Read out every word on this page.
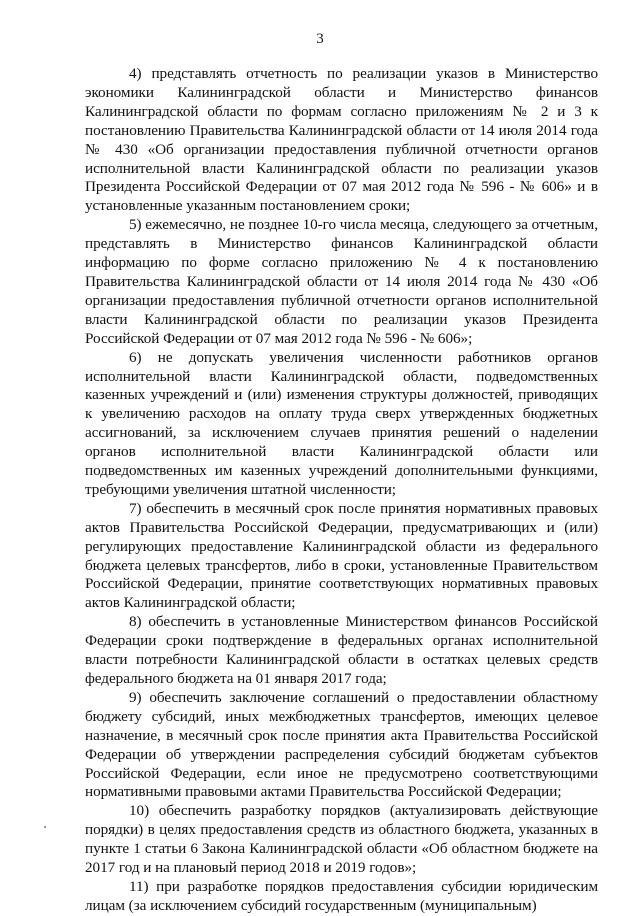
3

4) представлять отчетность по реализации указов в Министерство экономики Калининградской области и Министерство финансов Калининградской области по формам согласно приложениям № 2 и 3 к постановлению Правительства Калининградской области от 14 июля 2014 года № 430 «Об организации предоставления публичной отчетности органов исполнительной власти Калининградской области по реализации указов Президента Российской Федерации от 07 мая 2012 года № 596 - № 606» и в установленные указанным постановлением сроки;

5) ежемесячно, не позднее 10-го числа месяца, следующего за отчетным, представлять в Министерство финансов Калининградской области информацию по форме согласно приложению № 4 к постановлению Правительства Калининградской области от 14 июля 2014 года № 430 «Об организации предоставления публичной отчетности органов исполнительной власти Калининградской области по реализации указов Президента Российской Федерации от 07 мая 2012 года № 596 - № 606»;

6) не допускать увеличения численности работников органов исполнительной власти Калининградской области, подведомственных казенных учреждений и (или) изменения структуры должностей, приводящих к увеличению расходов на оплату труда сверх утвержденных бюджетных ассигнований, за исключением случаев принятия решений о наделении органов исполнительной власти Калининградской области или подведомственных им казенных учреждений дополнительными функциями, требующими увеличения штатной численности;

7) обеспечить в месячный срок после принятия нормативных правовых актов Правительства Российской Федерации, предусматривающих и (или) регулирующих предоставление Калининградской области из федерального бюджета целевых трансфертов, либо в сроки, установленные Правительством Российской Федерации, принятие соответствующих нормативных правовых актов Калининградской области;

8) обеспечить в установленные Министерством финансов Российской Федерации сроки подтверждение в федеральных органах исполнительной власти потребности Калининградской области в остатках целевых средств федерального бюджета на 01 января 2017 года;

9) обеспечить заключение соглашений о предоставлении областному бюджету субсидий, иных межбюджетных трансфертов, имеющих целевое назначение, в месячный срок после принятия акта Правительства Российской Федерации об утверждении распределения субсидий бюджетам субъектов Российской Федерации, если иное не предусмотрено соответствующими нормативными правовыми актами Правительства Российской Федерации;

10) обеспечить разработку порядков (актуализировать действующие порядки) в целях предоставления средств из областного бюджета, указанных в пункте 1 статьи 6 Закона Калининградской области «Об областном бюджете на 2017 год и на плановый период 2018 и 2019 годов»;

11) при разработке порядков предоставления субсидии юридическим лицам (за исключением субсидий государственным (муниципальным)
